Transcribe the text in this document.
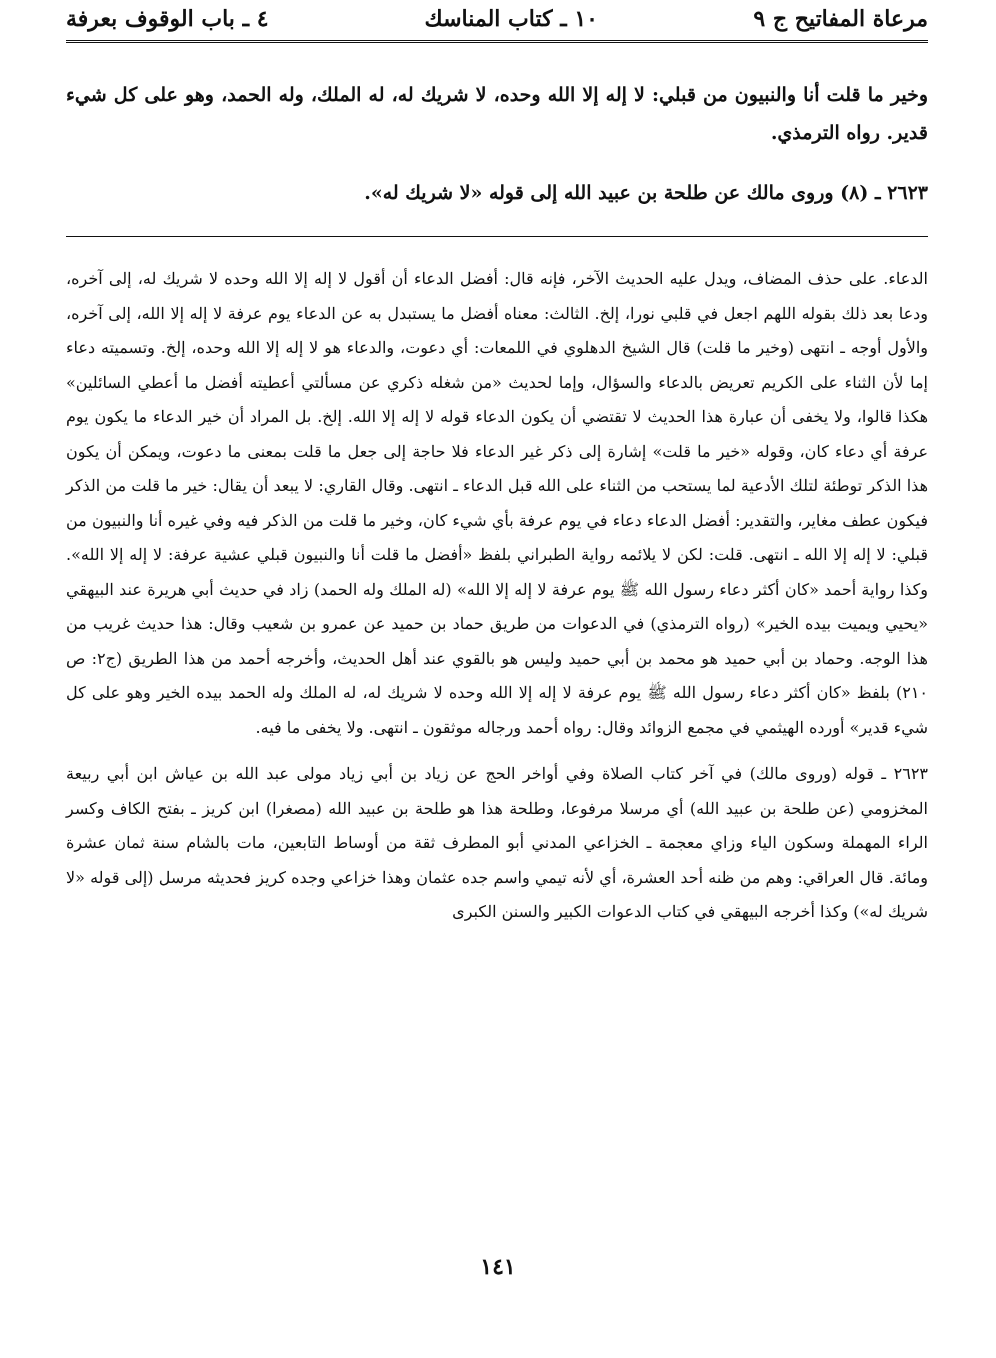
مرعاة المفاتيح ج ٩
١٠ ـ كتاب المناسك
٤ ـ باب الوقوف بعرفة

وخير ما قلت أنا والنبيون من قبلي: لا إله إلا الله وحده، لا شريك له، له الملك، وله الحمد، وهو على كل شيء قدير. رواه الترمذي.

٢٦٢٣ ـ (٨) وروى مالك عن طلحة بن عبيد الله إلى قوله «لا شريك له».

الدعاء. على حذف المضاف، ويدل عليه الحديث الآخر، فإنه قال: أفضل الدعاء أن أقول لا إله إلا الله وحده لا شريك له، إلى آخره، ودعا بعد ذلك بقوله اللهم اجعل في قلبي نورا، إلخ. الثالث: معناه أفضل ما يستبدل به عن الدعاء يوم عرفة لا إله إلا الله، إلى آخره، والأول أوجه ـ انتهى (وخير ما قلت) قال الشيخ الدهلوي في اللمعات: أي دعوت، والدعاء هو لا إله إلا الله وحده، إلخ. وتسميته دعاء إما لأن الثناء على الكريم تعريض بالدعاء والسؤال، وإما لحديث «من شغله ذكري عن مسألتي أعطيته أفضل ما أعطي السائلين» هكذا قالوا، ولا يخفى أن عبارة هذا الحديث لا تقتضي أن يكون الدعاء قوله لا إله إلا الله. إلخ. بل المراد أن خير الدعاء ما يكون يوم عرفة أي دعاء كان، وقوله «خير ما قلت» إشارة إلى ذكر غير الدعاء فلا حاجة إلى جعل ما قلت بمعنى ما دعوت، ويمكن أن يكون هذا الذكر توطئة لتلك الأدعية لما يستحب من الثناء على الله قبل الدعاء ـ انتهى. وقال القاري: لا يبعد أن يقال: خير ما قلت من الذكر فيكون عطف مغاير، والتقدير: أفضل الدعاء دعاء في يوم عرفة بأي شيء كان، وخير ما قلت من الذكر فيه وفي غيره أنا والنبيون من قبلي: لا إله إلا الله ـ انتهى. قلت: لكن لا يلائمه رواية الطبراني بلفظ «أفضل ما قلت أنا والنبيون قبلي عشية عرفة: لا إله إلا الله». وكذا رواية أحمد «كان أكثر دعاء رسول الله ﷺ يوم عرفة لا إله إلا الله» (له الملك وله الحمد) زاد في حديث أبي هريرة عند البيهقي «يحيي ويميت بيده الخير» (رواه الترمذي) في الدعوات من طريق حماد بن حميد عن عمرو بن شعيب وقال: هذا حديث غريب من هذا الوجه. وحماد بن أبي حميد هو محمد بن أبي حميد وليس هو بالقوي عند أهل الحديث، وأخرجه أحمد من هذا الطريق (ج٢: ص ٢١٠) بلفظ «كان أكثر دعاء رسول الله ﷺ يوم عرفة لا إله إلا الله وحده لا شريك له، له الملك وله الحمد بيده الخير وهو على كل شيء قدير» أورده الهيثمي في مجمع الزوائد وقال: رواه أحمد ورجاله موثقون ـ انتهى. ولا يخفى ما فيه.

٢٦٢٣ ـ قوله (وروى مالك) في آخر كتاب الصلاة وفي أواخر الحج عن زياد بن أبي زياد مولى عبد الله بن عياش ابن أبي ربيعة المخزومي (عن طلحة بن عبيد الله) أي مرسلا مرفوعا، وطلحة هذا هو طلحة بن عبيد الله (مصغرا) ابن كريز ـ بفتح الكاف وكسر الراء المهملة وسكون الياء وزاي معجمة ـ الخزاعي المدني أبو المطرف ثقة من أوساط التابعين، مات بالشام سنة ثمان عشرة ومائة. قال العراقي: وهم من ظنه أحد العشرة، أي لأنه تيمي واسم جده عثمان وهذا خزاعي وجده كريز فحديثه مرسل (إلى قوله «لا شريك له») وكذا أخرجه البيهقي في كتاب الدعوات الكبير والسنن الكبرى

١٤١
